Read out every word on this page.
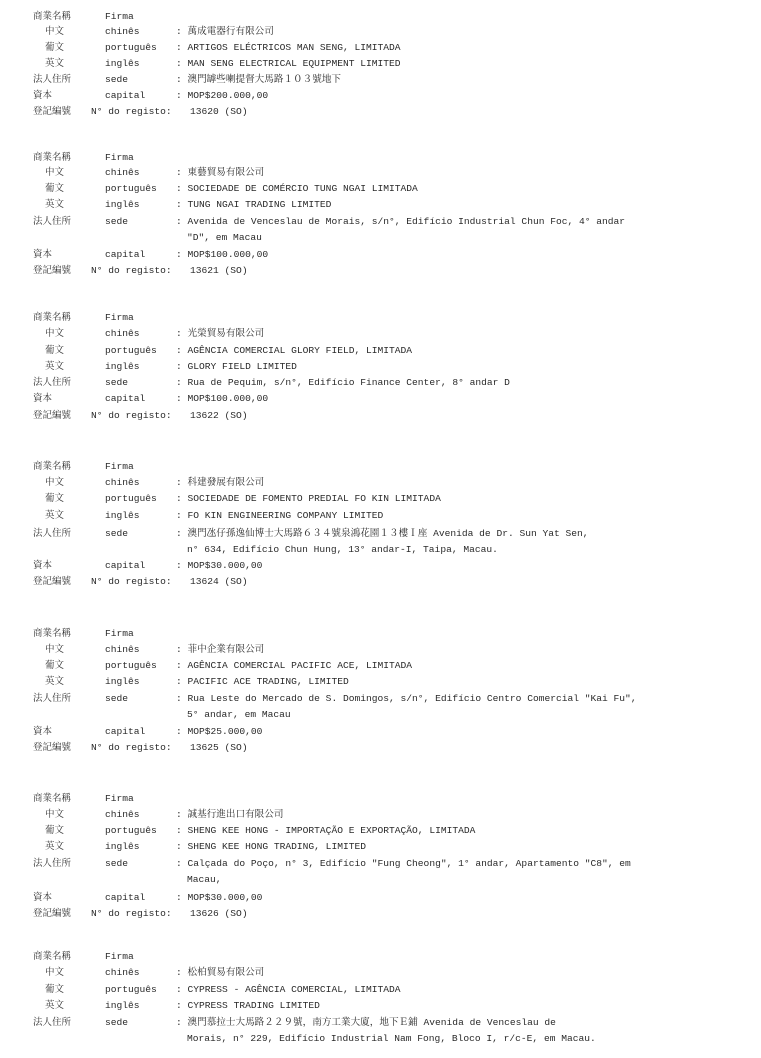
商業名稱	Firma
中文	chinês	: 萬成電器行有限公司
葡文	português : ARTIGOS ELÉCTRICOS MAN SENG, LIMITADA
英文	inglês	: MAN SENG ELECTRICAL EQUIPMENT LIMITED
法人住所	sede	: 澳門罅些喇提督大馬路１０３號地下
資本	capital	: MOP$200.000,00
登記編號 N° do registo: 13620 (SO)
商業名稱	Firma
中文	chinês	: 東藝貿易有限公司
葡文	português : SOCIEDADE DE COMÉRCIO TUNG NGAI LIMITADA
英文	inglês	: TUNG NGAI TRADING LIMITED
法人住所	sede	: Avenida de Venceslau de Morais, s/n°, Edifício Industrial Chun Foc, 4° andar
"D", em Macau
資本	capital	: MOP$100.000,00
登記編號 N° do registo: 13621 (SO)
商業名稱	Firma
中文	chinês	: 光榮貿易有限公司
葡文	português : AGÊNCIA COMERCIAL GLORY FIELD, LIMITADA
英文	inglês	: GLORY FIELD LIMITED
法人住所	sede	: Rua de Pequim, s/n°, Edifício Finance Center, 8° andar D
資本	capital	: MOP$100.000,00
登記編號 N° do registo: 13622 (SO)
商業名稱	Firma
中文	chinês	: 科建發展有限公司
葡文	português : SOCIEDADE DE FOMENTO PREDIAL FO KIN LIMITADA
英文	inglês	: FO KIN ENGINEERING COMPANY LIMITED
法人住所	sede	: 澳門氹仔孫逸仙博士大馬路６３４號泉鴻花園１３樓Ｉ座 Avenida de Dr. Sun Yat Sen,
n° 634, Edifício Chun Hung, 13° andar-I, Taipa, Macau.
資本	capital	: MOP$30.000,00
登記編號 N° do registo: 13624 (SO)
商業名稱	Firma
中文	chinês	: 菲中企業有限公司
葡文	português : AGÊNCIA COMERCIAL PACIFIC ACE, LIMITADA
英文	inglês	: PACIFIC ACE TRADING, LIMITED
法人住所	sede	: Rua Leste do Mercado de S. Domingos, s/n°, Edifício Centro Comercial "Kai Fu",
5° andar, em Macau
資本	capital	: MOP$25.000,00
登記編號 N° do registo: 13625 (SO)
商業名稱	Firma
中文	chinês	: 誠基行進出口有限公司
葡文	português : SHENG KEE HONG - IMPORTAÇÃO E EXPORTAÇÃO, LIMITADA
英文	inglês	: SHENG KEE HONG TRADING, LIMITED
法人住所	sede	: Calçada do Poço, n° 3, Edifício "Fung Cheong", 1° andar, Apartamento "C8", em
Macau,
資本	capital	: MOP$30.000,00
登記編號 N° do registo: 13626 (SO)
商業名稱	Firma
中文	chinês	: 松柏貿易有限公司
葡文	português : CYPRESS - AGÊNCIA COMERCIAL, LIMITADA
英文	inglês	: CYPRESS TRADING LIMITED
法人住所	sede	: 澳門慕拉士大馬路２２９號，南方工業大廈，地下Ｅ鋪 Avenida de Venceslau de
Morais, n° 229, Edifício Industrial Nam Fong, Bloco I, r/c-E, em Macau.
